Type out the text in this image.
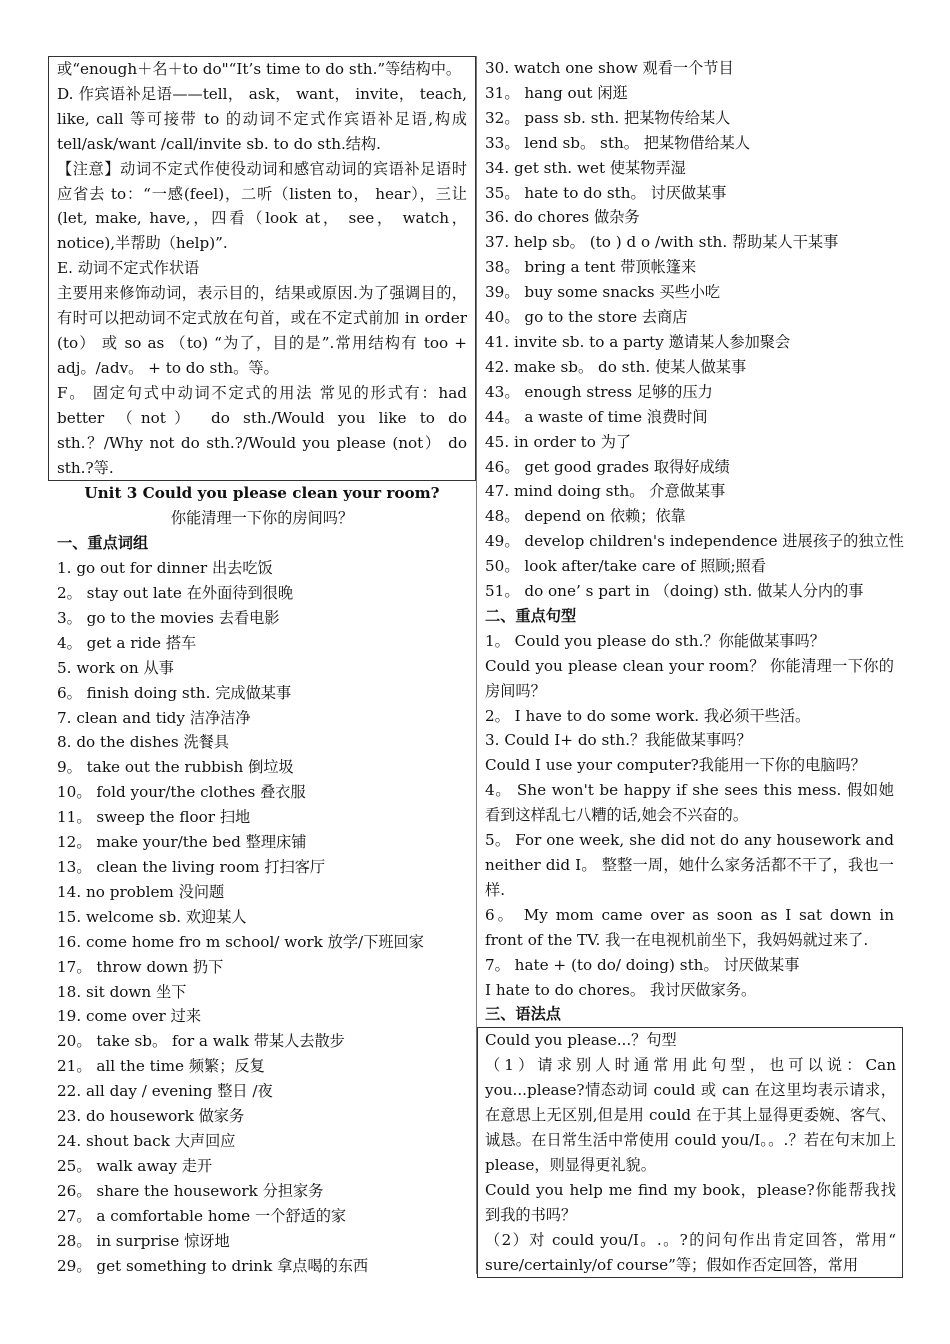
或“enough＋名＋to do"“It’s time to do sth.”等结构中。

D. 作宾语补足语——tell， ask， want， invite， teach, like, call 等可接带 to 的动词不定式作宾语补足语,构成tell/ask/want /call/invite sb. to do sth.结构.

【注意】动词不定式作使役动词和感官动词的宾语补足语时应省去 to：“一感(feel)，二听（listen to， hear），三让(let, make, have,，四看（look at， see， watch，notice),半帮助（help)”.

E. 动词不定式作状语

主要用来修饰动词，表示目的，结果或原因.为了强调目的，有时可以把动词不定式放在句首，或在不定式前加 in order (to） 或 so as （to) “为了，目的是”.常用结构有 too + adj。/adv。 + to do sth。等。

F。 固定句式中动词不定式的用法 常见的形式有：had better （not） do sth./Would you like to do sth.？/Why not do sth.?/Would you please (not） do sth.?等.

Unit 3 Could you please clean your room?

你能清理一下你的房间吗？

一、重点词组

1. go out for dinner 出去吃饭

2。 stay out late 在外面待到很晚

3。 go to the movies 去看电影

4。 get a ride 搭车

5. work on 从事

6。 finish doing sth. 完成做某事

7. clean and tidy 洁净洁净

8. do the dishes 洗餐具

9。 take out the rubbish 倒垃圾

10。 fold your/the clothes 叠衣服

11。 sweep the floor 扫地

12。 make your/the bed 整理床铺

13。 clean the living room 打扫客厅

14. no problem 没问题

15. welcome sb. 欢迎某人

16. come home fro m school/ work 放学/下班回家

17。 throw down 扔下

18. sit down 坐下

19. come over 过来

20。 take sb。 for a walk 带某人去散步

21。 all the time 频繁；反复

22. all day / evening 整日 /夜

23. do housework 做家务

24. shout back 大声回应

25。 walk away 走开

26。 share the housework 分担家务

27。 a comfortable home 一个舒适的家

28。 in surprise 惊讶地

29。 get something to drink 拿点喝的东西

30. watch one show 观看一个节目

31。 hang out 闲逛

32。 pass sb. sth. 把某物传给某人

33。 lend sb。 sth。 把某物借给某人

34. get sth. wet 使某物弄湿

35。 hate to do sth。 讨厌做某事

36. do chores 做杂务

37. help sb。 (to ) d o /with sth. 帮助某人干某事

38。 bring a tent 带顶帐篷来

39。 buy some snacks 买些小吃

40。 go to the store 去商店

41. invite sb. to a party 邀请某人参加聚会

42. make sb。 do sth. 使某人做某事

43。 enough stress 足够的压力

44。 a waste of time 浪费时间

45. in order to 为了

46。 get good grades 取得好成绩

47. mind doing sth。 介意做某事

48。 depend on 依赖；依靠

49。 develop children's independence 进展孩子的独立性

50。 look after/take care of 照顾;照看

51。 do one’ s part in （doing) sth. 做某人分内的事

二、重点句型

1。 Could you please do sth.？你能做某事吗？

Could you please clean your room？ 你能清理一下你的房间吗？

2。 I have to do some work. 我必须干些活。

3. Could I+ do sth.？我能做某事吗？

Could I use your computer?我能用一下你的电脑吗？

4。 She won't be happy if she sees this mess. 假如她看到这样乱七八糟的话,她会不兴奋的。

5。 For one week, she did not do any housework and neither did I。 整整一周，她什么家务活都不干了，我也一样.

6。 My mom came over as soon as I sat down in front of the TV. 我一在电视机前坐下，我妈妈就过来了.

7。 hate + (to do/ doing) sth。 讨厌做某事

I hate to do chores。 我讨厌做家务。

三、语法点

Could you please...？句型

（1）请求别人时通常用此句型，也可以说：Can you...please?情态动词 could 或 can 在这里均表示请求，在意思上无区别,但是用 could 在于其上显得更委婉、客气、诚恳。在日常生活中常使用 could you/I。。.？若在句末加上 please，则显得更礼貌。

Could you help me find my book，please?你能帮我找到我的书吗？

（2）对 could you/I。.。?的问句作出肯定回答，常用“ sure/certainly/of course”等；假如作否定回答，常用
